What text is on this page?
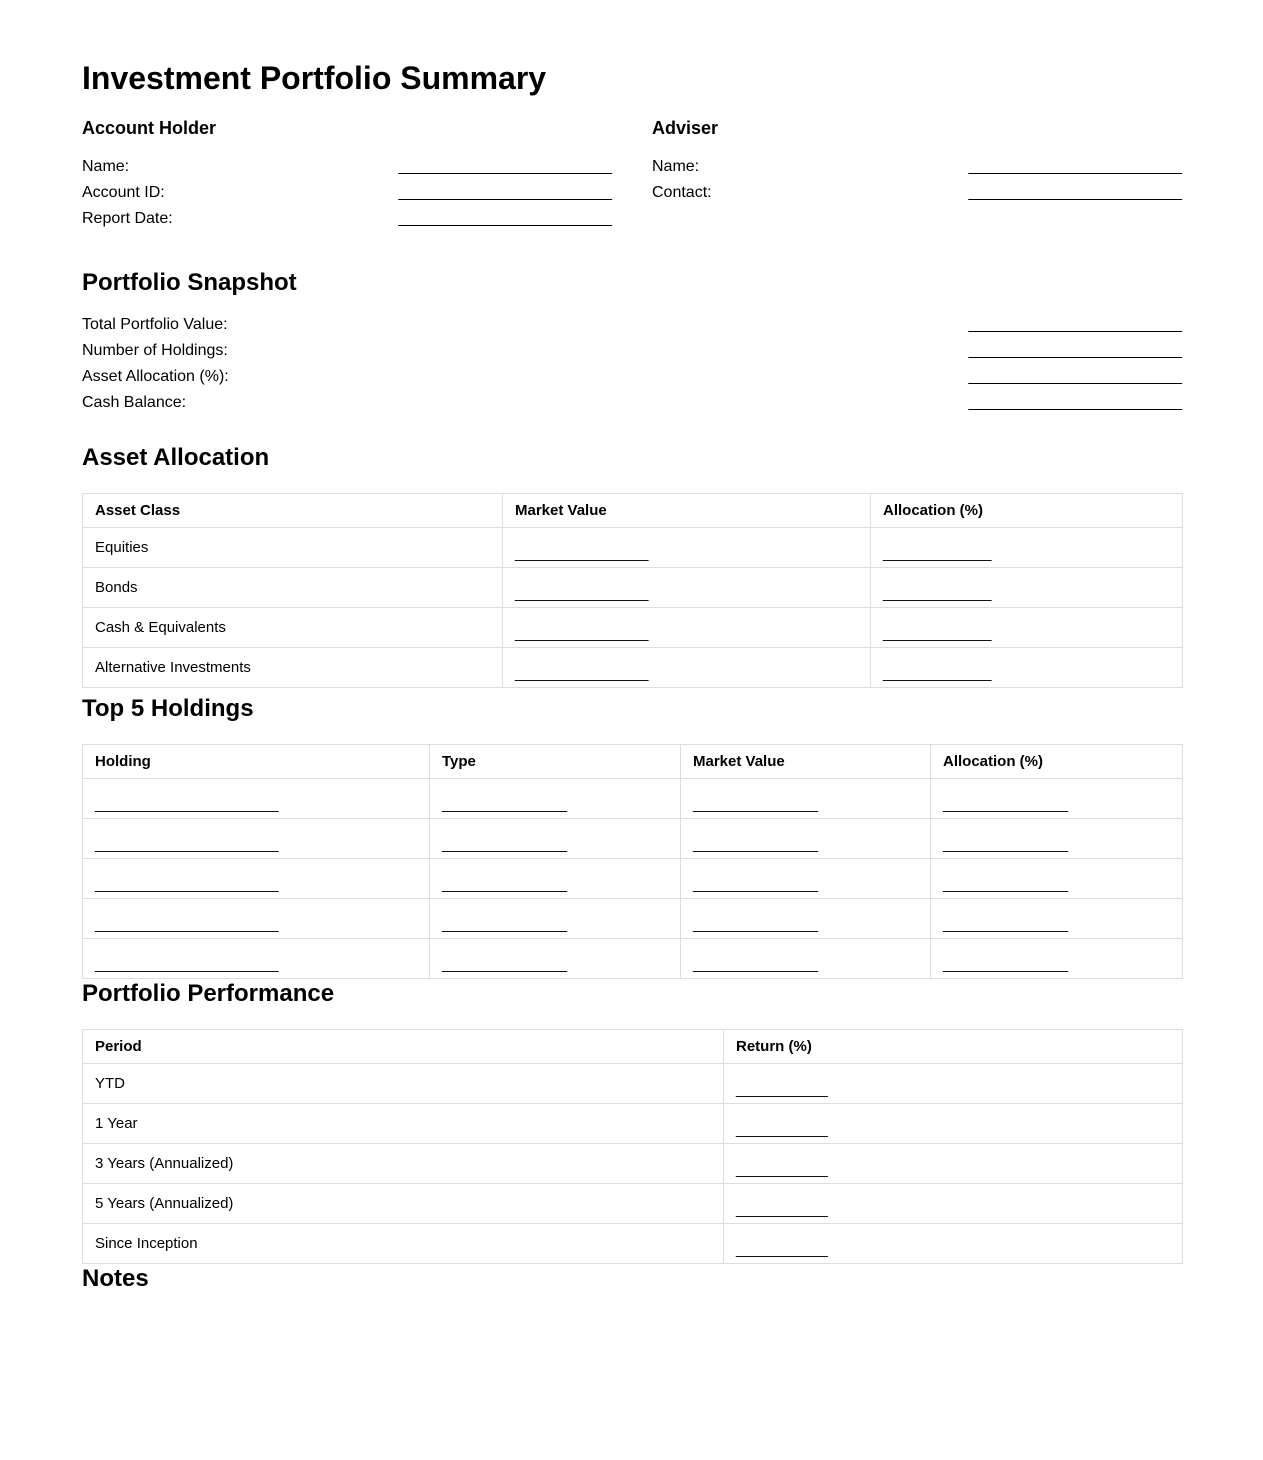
Investment Portfolio Summary
Account Holder
Name:	________________________
Account ID:	________________________
Report Date:	________________________
Adviser
Name:	________________________
Contact:	________________________
Portfolio Snapshot
Total Portfolio Value:	________________________
Number of Holdings:	________________________
Asset Allocation (%):	________________________
Cash Balance:	________________________
Asset Allocation
Asset Class	Market Value	Allocation (%)
Equities	________________	_____________
Bonds	________________	_____________
Cash & Equivalents	________________	_____________
Alternative Investments	________________	_____________
Top 5 Holdings
Holding	Type	Market Value	Allocation (%)
______________________	_______________	_______________	_______________
______________________	_______________	_______________	_______________
______________________	_______________	_______________	_______________
______________________	_______________	_______________	_______________
______________________	_______________	_______________	_______________
Portfolio Performance
Period	Return (%)
YTD	___________
1 Year	___________
3 Years (Annualized)	___________
5 Years (Annualized)	___________
Since Inception	___________
Notes
